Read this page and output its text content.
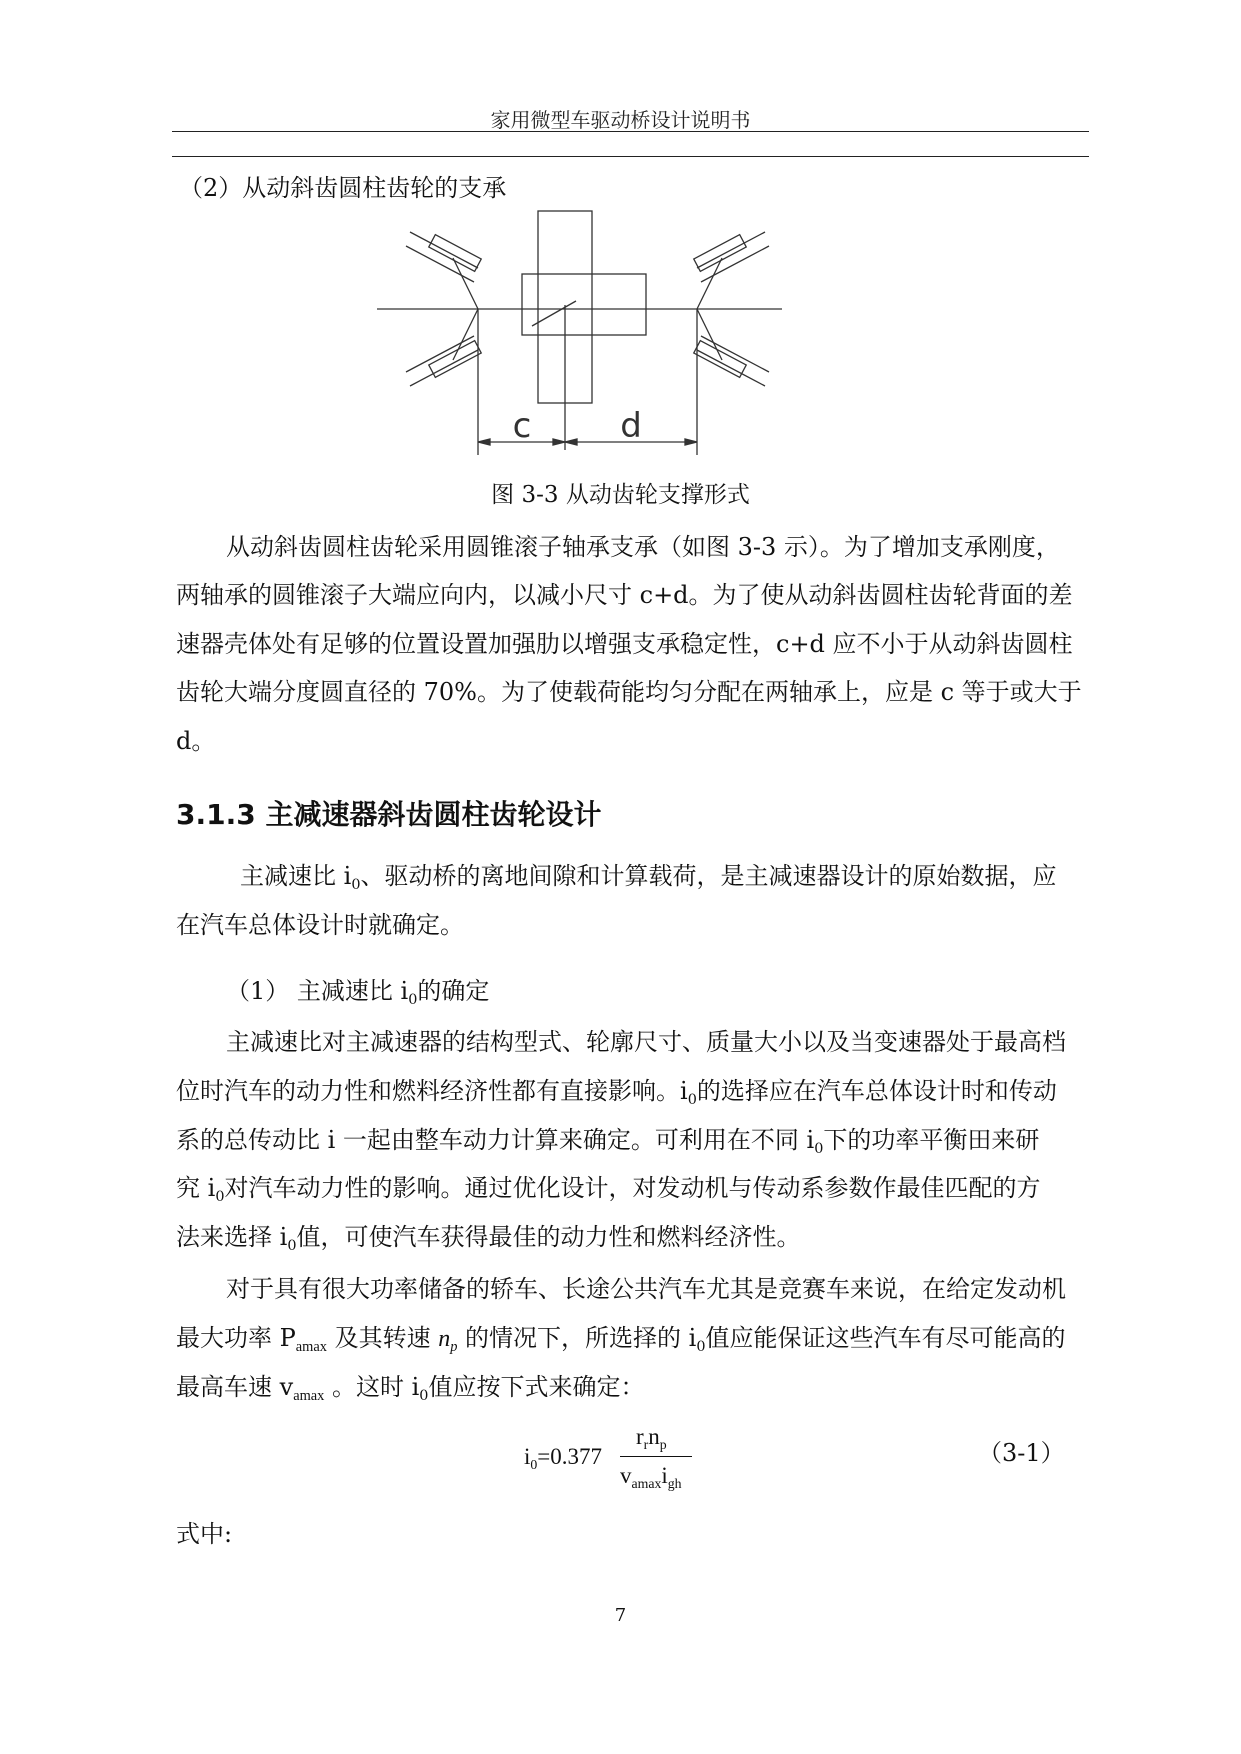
家用微型车驱动桥设计说明书
（2）从动斜齿圆柱齿轮的支承
c	d
图 3-3 从动齿轮支撑形式
从动斜齿圆柱齿轮采用圆锥滚子轴承支承（如图 3-3 示）。为了增加支承刚度，
两轴承的圆锥滚子大端应向内，以减小尺寸 c+d。为了使从动斜齿圆柱齿轮背面的差
速器壳体处有足够的位置设置加强肋以增强支承稳定性，c+d 应不小于从动斜齿圆柱
齿轮大端分度圆直径的 70%。为了使载荷能均匀分配在两轴承上，应是 c 等于或大于
d。
3.1.3 主减速器斜齿圆柱齿轮设计
主减速比 $i_0$、驱动桥的离地间隙和计算载荷，是主减速器设计的原始数据，应
在汽车总体设计时就确定。
（1） 主减速比 $i_0$的确定
主减速比对主减速器的结构型式、轮廓尺寸、质量大小以及当变速器处于最高档
位时汽车的动力性和燃料经济性都有直接影响。$i_0$的选择应在汽车总体设计时和传动
系的总传动比 i 一起由整车动力计算来确定。可利用在不同 $i_0$下的功率平衡田来研
究 $i_0$对汽车动力性的影响。通过优化设计，对发动机与传动系参数作最佳匹配的方
法来选择 $i_0$值，可使汽车获得最佳的动力性和燃料经济性。
对于具有很大功率储备的轿车、长途公共汽车尤其是竞赛车来说，在给定发动机
最大功率 $P_{amax}$ 及其转速 $n_p$ 的情况下，所选择的 $i_0$值应能保证这些汽车有尽可能高的
最高车速 $v_{amax}$ 。这时 $i_0$值应按下式来确定：
$i_0=0.377$
$r_rn_p$
$v_{amax}i_{gh}$
（3-1）
式中:
7
